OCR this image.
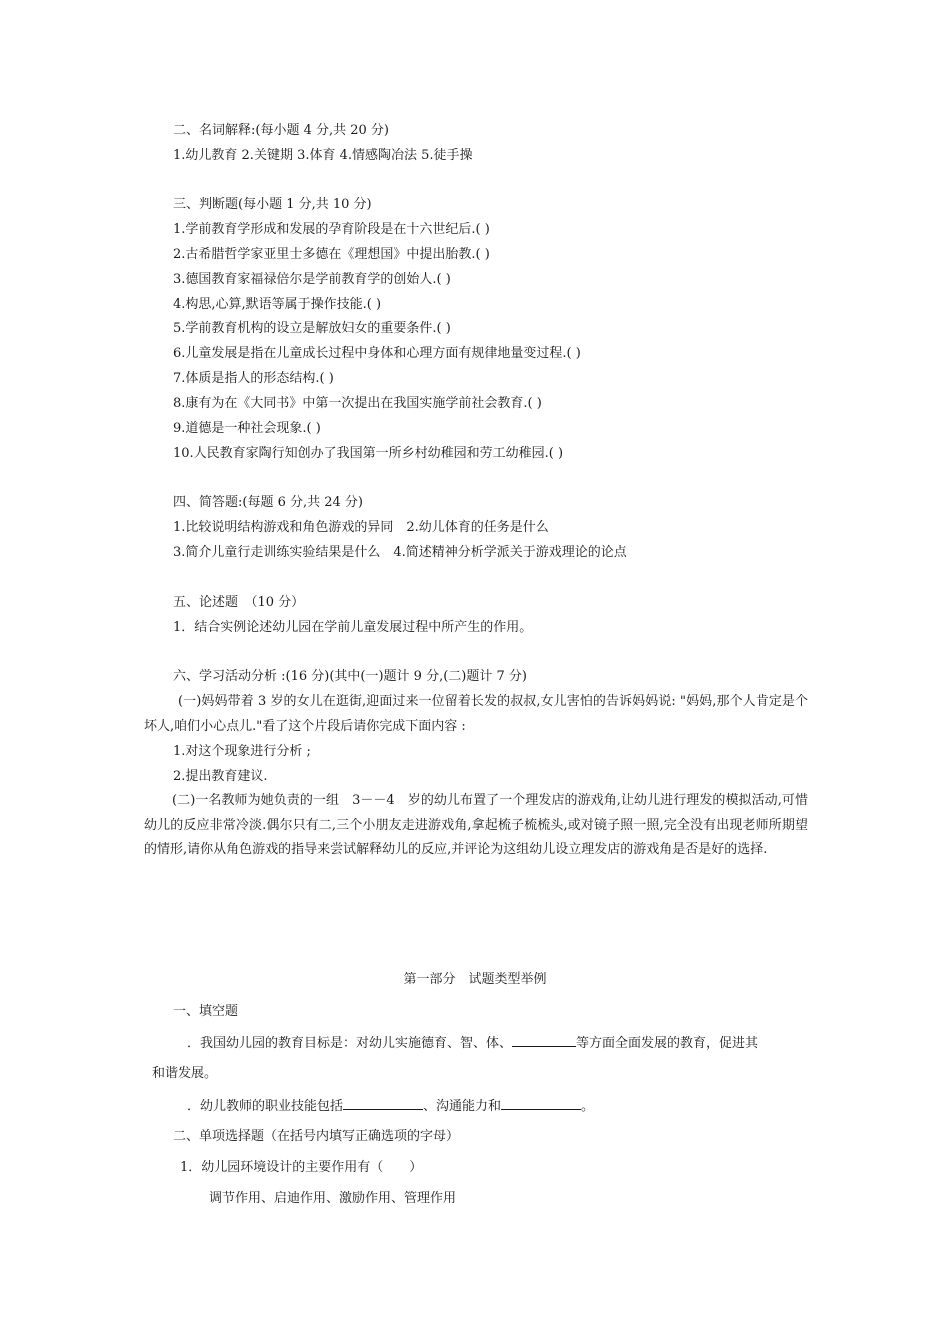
二、名词解释:(每小题 4 分,共 20 分)
1.幼儿教育 2.关键期 3.体育 4.情感陶冶法 5.徒手操
三、判断题(每小题 1 分,共 10 分)
1.学前教育学形成和发展的孕育阶段是在十六世纪后.( )
2.古希腊哲学家亚里士多德在《理想国》中提出胎教.( )
3.德国教育家福禄倍尔是学前教育学的创始人.( )
4.构思,心算,默语等属于操作技能.( )
5.学前教育机构的设立是解放妇女的重要条件.( )
6.儿童发展是指在儿童成长过程中身体和心理方面有规律地量变过程.( )
7.体质是指人的形态结构.( )
8.康有为在《大同书》中第一次提出在我国实施学前社会教育.( )
9.道德是一种社会现象.( )
10.人民教育家陶行知创办了我国第一所乡村幼稚园和劳工幼稚园.( )
四、简答题:(每题 6 分,共 24 分)
1.比较说明结构游戏和角色游戏的异同　2.幼儿体育的任务是什么
3.简介儿童行走训练实验结果是什么　4.简述精神分析学派关于游戏理论的论点
五、论述题　（10 分）
1．结合实例论述幼儿园在学前儿童发展过程中所产生的作用。
六、学习活动分析 :(16 分)(其中(一)题计 9 分,(二)题计 7 分)
(一)妈妈带着 3 岁的女儿在逛街,迎面过来一位留着长发的叔叔,女儿害怕的告诉妈妈说: "妈妈,那个人肯定是个坏人,咱们小心点儿."看了这个片段后请你完成下面内容 :
1.对这个现象进行分析 ;
2.提出教育建议.
(二)一名教师为她负责的一组　3－－4　岁的幼儿布置了一个理发店的游戏角,让幼儿进行理发的模拟活动,可惜幼儿的反应非常冷淡.偶尔只有二,三个小朋友走进游戏角,拿起梳子梳梳头,或对镜子照一照,完全没有出现老师所期望的情形,请你从角色游戏的指导来尝试解释幼儿的反应,并评论为这组幼儿设立理发店的游戏角是否是好的选择.
第一部分　试题类型举例
一、填空题
．我国幼儿园的教育目标是：对幼儿实施德育、智、体、	等方面全面发展的教育，促进其
和谐发展。
．幼儿教师的职业技能包括	、沟通能力和	。
二、单项选择题（在括号内填写正确选项的字母）
1．幼儿园环境设计的主要作用有（　　）
调节作用、启迪作用、激励作用、管理作用
